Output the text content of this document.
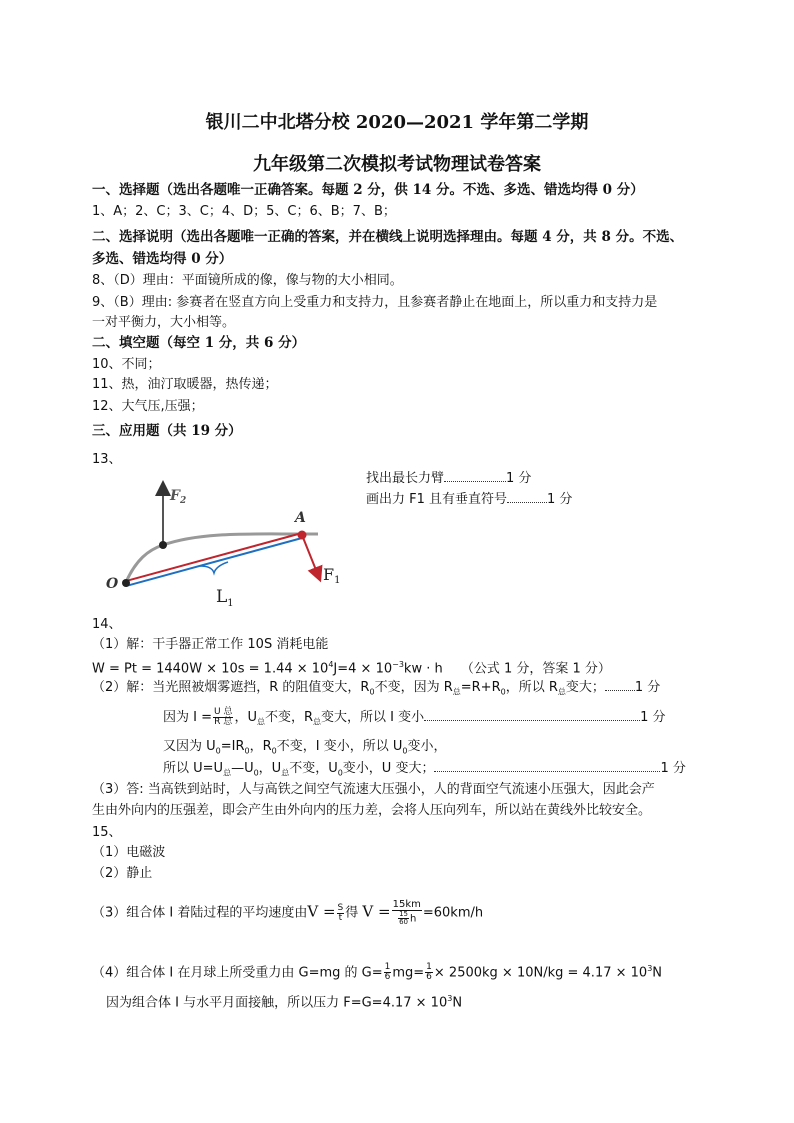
银川二中北塔分校 2020—2021 学年第二学期
九年级第二次模拟考试物理试卷答案
一、选择题（选出各题唯一正确答案。每题 2 分，供 14 分。不选、多选、错选均得 0 分）
1、A；2、C；3、C；4、D；5、C；6、B；7、B；
二、选择说明（选出各题唯一正确的答案，并在横线上说明选择理由。每题 4 分，共 8 分。不选、
多选、错选均得 0 分）
8、（D）理由：平面镜所成的像，像与物的大小相同。
9、（B）理由: 参赛者在竖直方向上受重力和支持力，且参赛者静止在地面上，所以重力和支持力是
一对平衡力，大小相等。
二、填空题（每空 1 分，共 6 分）
10、不同；
11、热，油汀取暖器，热传递；
12、大气压,压强；
三、应用题（共 19 分）
13、
找出最长力臂	1 分
画出力 F1 且有垂直符号	1 分
$F_2$
A
O	F1
$L_1$
14、
（1）解：干手器正常工作 10S 消耗电能
$W = Pt = 1440W \times 10s = 1.44 \times 10^4J=4 \times 10^{-3}kw \cdot h$ （公式 1 分，答案 1 分）
（2）解：当光照被烟雾遮挡，R 的阻值变大，$R_0$不变，因为 $R_总=R+R_0$，所以 $R_总$变大； 1 分
因为 $I = \frac{\text{U 总}}{\text{R 总}}$ ，$U_总$不变，$R_总$变大，所以 I 变小	1 分
又因为 $U_0=IR_0$，$R_0$不变，I 变小，所以 $U_0$变小，
所以 $U=U_总—U_0$，$U_总$不变，$U_0$变小，U 变大；	1 分
（3）答: 当高铁到站时，人与高铁之间空气流速大压强小，人的背面空气流速小压强大，因此会产
生由外向内的压强差，即会产生由外向内的压力差，会将人压向列车，所以站在黄线外比较安全。
15、
（1）电磁波
（2）静止
（3）组合体 Ⅰ 着陆过程的平均速度由$V = \frac{S}{t}$ 得 $V = \frac{15km}{\frac{15}{60} h} =60km/h$
（4）组合体 Ⅰ 在月球上所受重力由 G=mg 的 $G= \frac{1}{6} mg= \frac{1}{6} \times 2500kg \times 10N/kg = 4.17 \times 10^3N$
因为组合体 Ⅰ 与水平月面接触，所以压力 $F=G=4.17 \times 10^3N$
